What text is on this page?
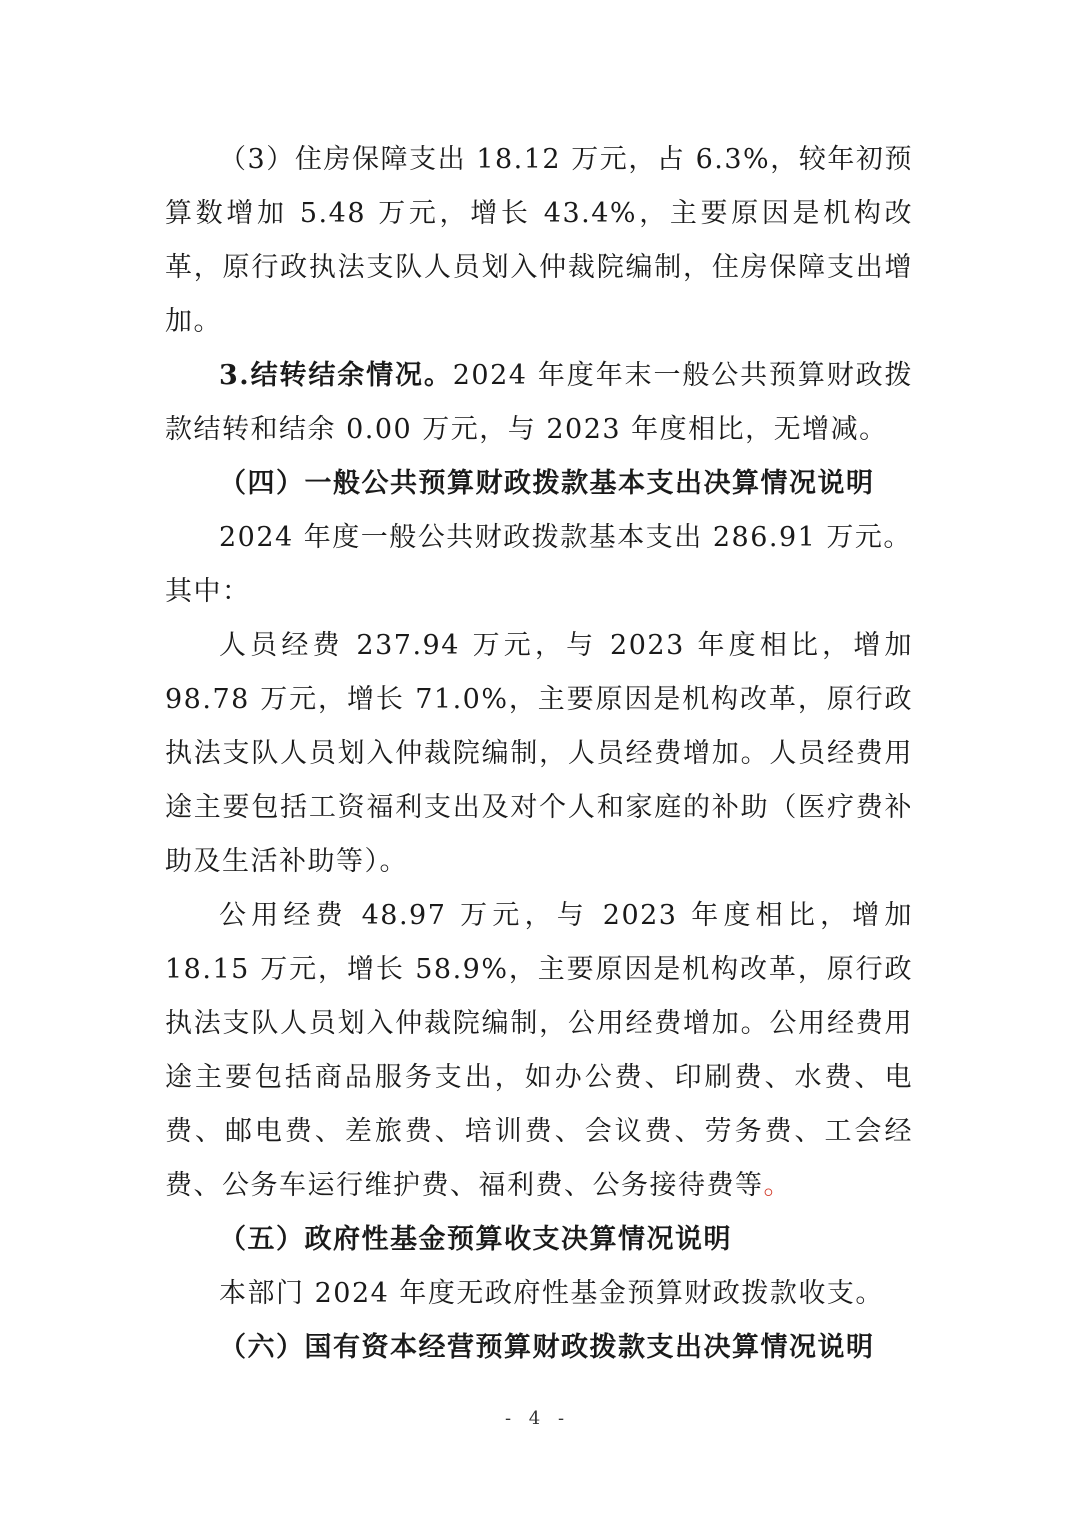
（3）住房保障支出 18.12 万元，占 6.3%，较年初预算数增加 5.48 万元，增长 43.4%，主要原因是机构改革，原行政执法支队人员划入仲裁院编制，住房保障支出增加。

3.结转结余情况。2024 年度年末一般公共预算财政拨款结转和结余 0.00 万元，与 2023 年度相比，无增减。

（四）一般公共预算财政拨款基本支出决算情况说明

2024 年度一般公共财政拨款基本支出 286.91 万元。

其中：

人员经费 237.94 万元，与 2023 年度相比，增加 98.78 万元，增长 71.0%，主要原因是机构改革，原行政执法支队人员划入仲裁院编制，人员经费增加。人员经费用途主要包括工资福利支出及对个人和家庭的补助（医疗费补助及生活补助等）。

公用经费 48.97 万元，与 2023 年度相比，增加 18.15 万元，增长 58.9%，主要原因是机构改革，原行政执法支队人员划入仲裁院编制，公用经费增加。公用经费用途主要包括商品服务支出，如办公费、印刷费、水费、电费、邮电费、差旅费、培训费、会议费、劳务费、工会经费、公务车运行维护费、福利费、公务接待费等。

（五）政府性基金预算收支决算情况说明

本部门 2024 年度无政府性基金预算财政拨款收支。

（六）国有资本经营预算财政拨款支出决算情况说明

- 4 -
